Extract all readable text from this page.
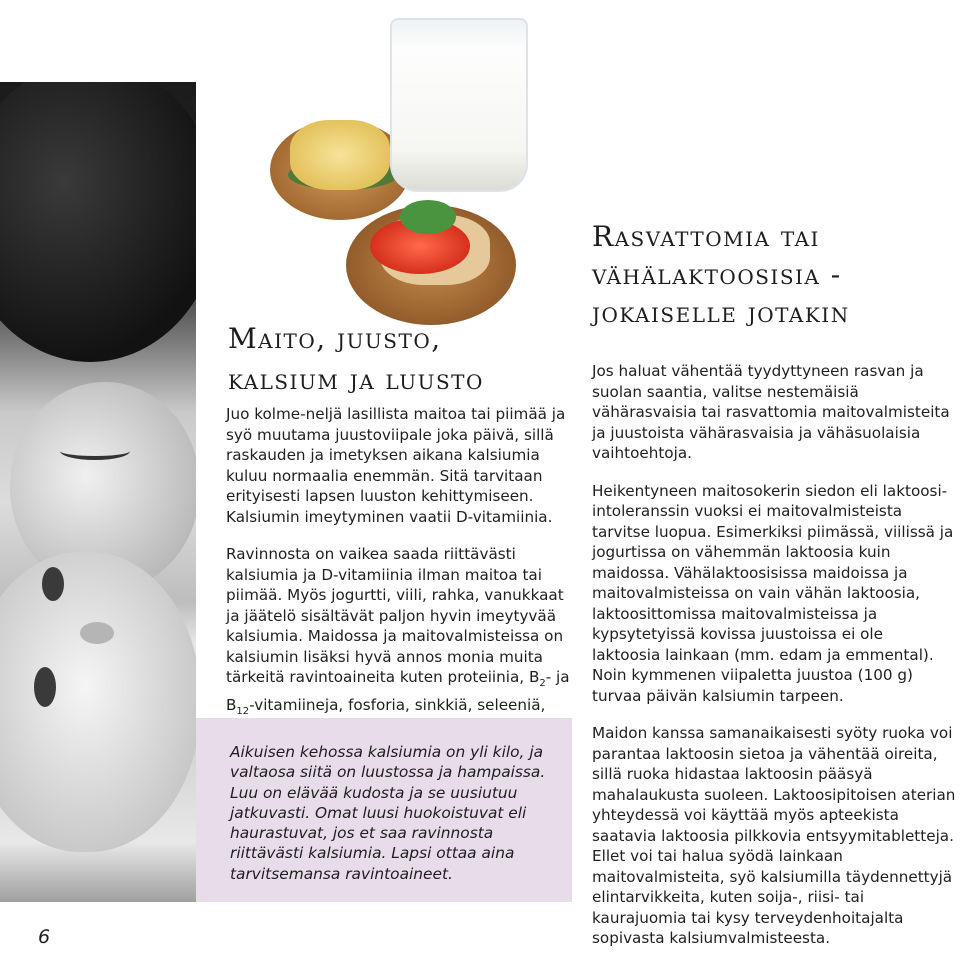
Maito, juusto,
kalsium ja luusto

Juo kolme-neljä lasillista maitoa tai piimää ja syö muutama juustoviipale joka päivä, sillä raskauden ja imetyksen aikana kalsiumia kuluu normaalia enemmän. Sitä tarvitaan erityisesti lapsen luuston kehittymiseen. Kalsiumin imeytyminen vaatii D-vitamiinia.

Ravinnosta on vaikea saada riittävästi kalsiumia ja D-vitamiinia ilman maitoa tai piimää. Myös jogurtti, viili, rahka, vanukkaat ja jäätelö sisältävät paljon hyvin imeytyvää kalsiumia. Maidossa ja maitovalmisteissa on kalsiumin lisäksi hyvä annos monia muita tärkeitä ravintoaineita kuten proteiinia, $B_2-$ ja $B_{12}$-vitamiineja, fosforia, sinkkiä, seleeniä,

Aikuisen kehossa kalsiumia on yli kilo, ja valtaosa siitä on luustossa ja hampaissa. Luu on elävää kudosta ja se uusiutuu jatkuvasti. Omat luusi huokoistuvat eli haurastuvat, jos et saa ravinnosta riittävästi kalsiumia. Lapsi ottaa aina tarvitsemansa ravintoaineet.

Rasvattomia tai
vähälaktoosisia -
jokaiselle jotakin

Jos haluat vähentää tyydyttyneen rasvan ja suolan saantia, valitse nestemäisiä vähärasvaisia tai rasvattomia maitovalmisteita ja juustoista vähärasvaisia ja vähäsuolaisia vaihtoehtoja.

Heikentyneen maitosokerin siedon eli laktoosi-intoleranssin vuoksi ei maitovalmisteista tarvitse luopua. Esimerkiksi piimässä, viilissä ja jogurtissa on vähemmän laktoosia kuin maidossa. Vähälaktoosisissa maidoissa ja maitovalmisteissa on vain vähän laktoosia, laktoosittomissa maitovalmisteissa ja kypsytetyissä kovissa juustoissa ei ole laktoosia lainkaan (mm. edam ja emmental). Noin kymmenen viipaletta juustoa (100 g) turvaa päivän kalsiumin tarpeen.

Maidon kanssa samanaikaisesti syöty ruoka voi parantaa laktoosin sietoa ja vähentää oireita, sillä ruoka hidastaa laktoosin pääsyä mahalaukusta suoleen. Laktoosipitoisen aterian yhteydessä voi käyttää myös apteekista saatavia laktoosia pilkkovia entsyymitabletteja. Ellet voi tai halua syödä lainkaan maitovalmisteita, syö kalsiumilla täydennettyjä elintarvikkeita, kuten soija-, riisi- tai kaurajuomia tai kysy terveydenhoitajalta sopivasta kalsiumvalmisteesta.

6
